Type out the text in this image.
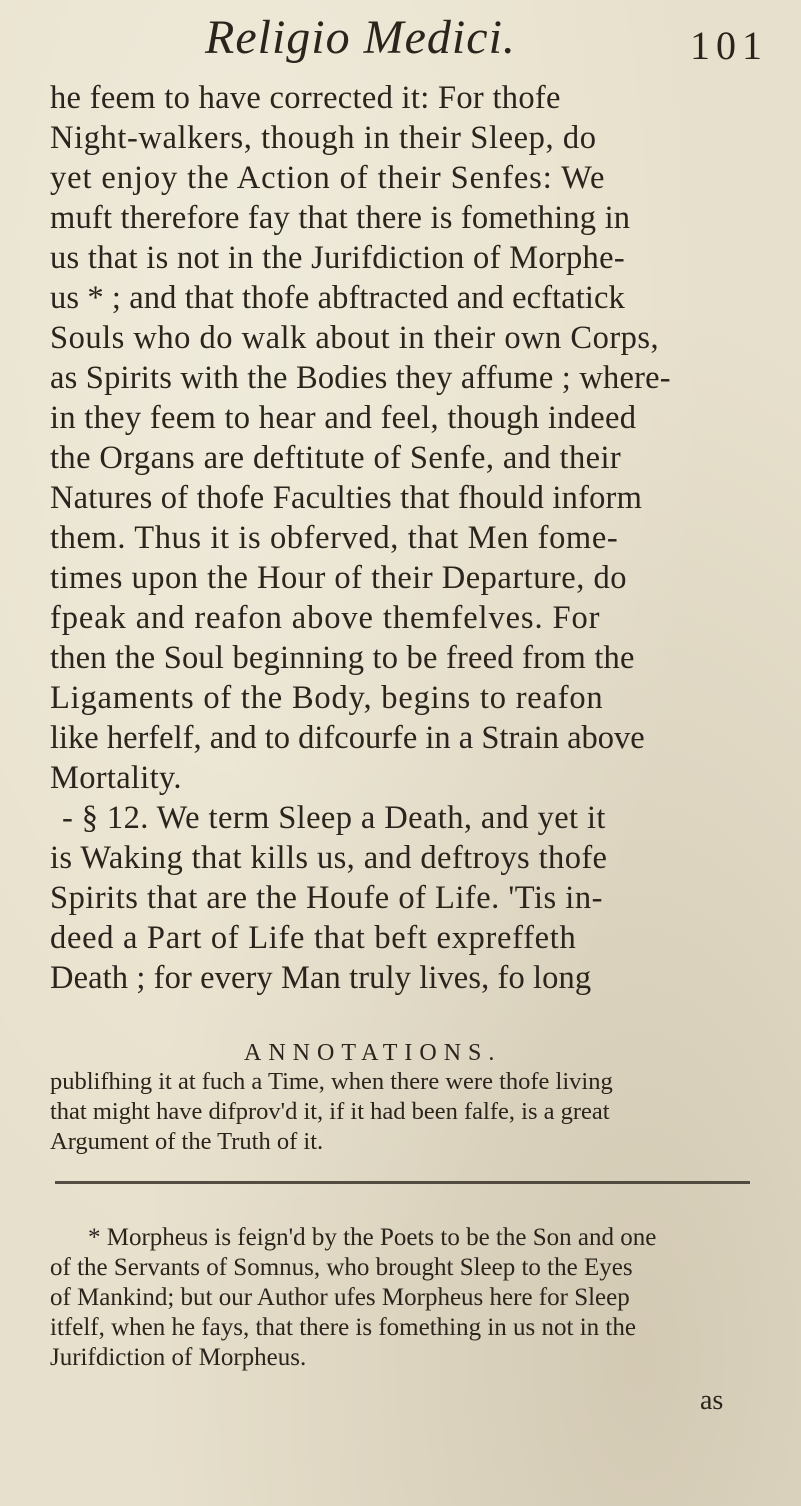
Religio Medici.	101
he feem to have corrected it: For thofe
Night-walkers, though in their Sleep, do
yet enjoy the Action of their Senfes: We
muft therefore fay that there is fomething in
us that is not in the Jurifdiction of Morphe-
us * ; and that thofe abftracted and ecftatick
Souls who do walk about in their own Corps,
as Spirits with the Bodies they affume ; where-
in they feem to hear and feel, though indeed
the Organs are deftitute of Senfe, and their
Natures of thofe Faculties that fhould inform
them. Thus it is obferved, that Men fome-
times upon the Hour of their Departure, do
fpeak and reafon above themfelves. For
then the Soul beginning to be freed from the
Ligaments of the Body, begins to reafon
like herfelf, and to difcourfe in a Strain above
Mortality.
- § 12. We term Sleep a Death, and yet it
is Waking that kills us, and deftroys thofe
Spirits that are the Houfe of Life. 'Tis in-
deed a Part of Life that beft expreffeth
Death ; for every Man truly lives, fo long
ANNOTATIONS.
publifhing it at fuch a Time, when there were thofe living
that might have difprov'd it, if it had been falfe, is a great
Argument of the Truth of it.
* Morpheus is feign'd by the Poets to be the Son and one
of the Servants of Somnus, who brought Sleep to the Eyes
of Mankind; but our Author ufes Morpheus here for Sleep
itfelf, when he fays, that there is fomething in us not in the
Jurifdiction of Morpheus.
as
